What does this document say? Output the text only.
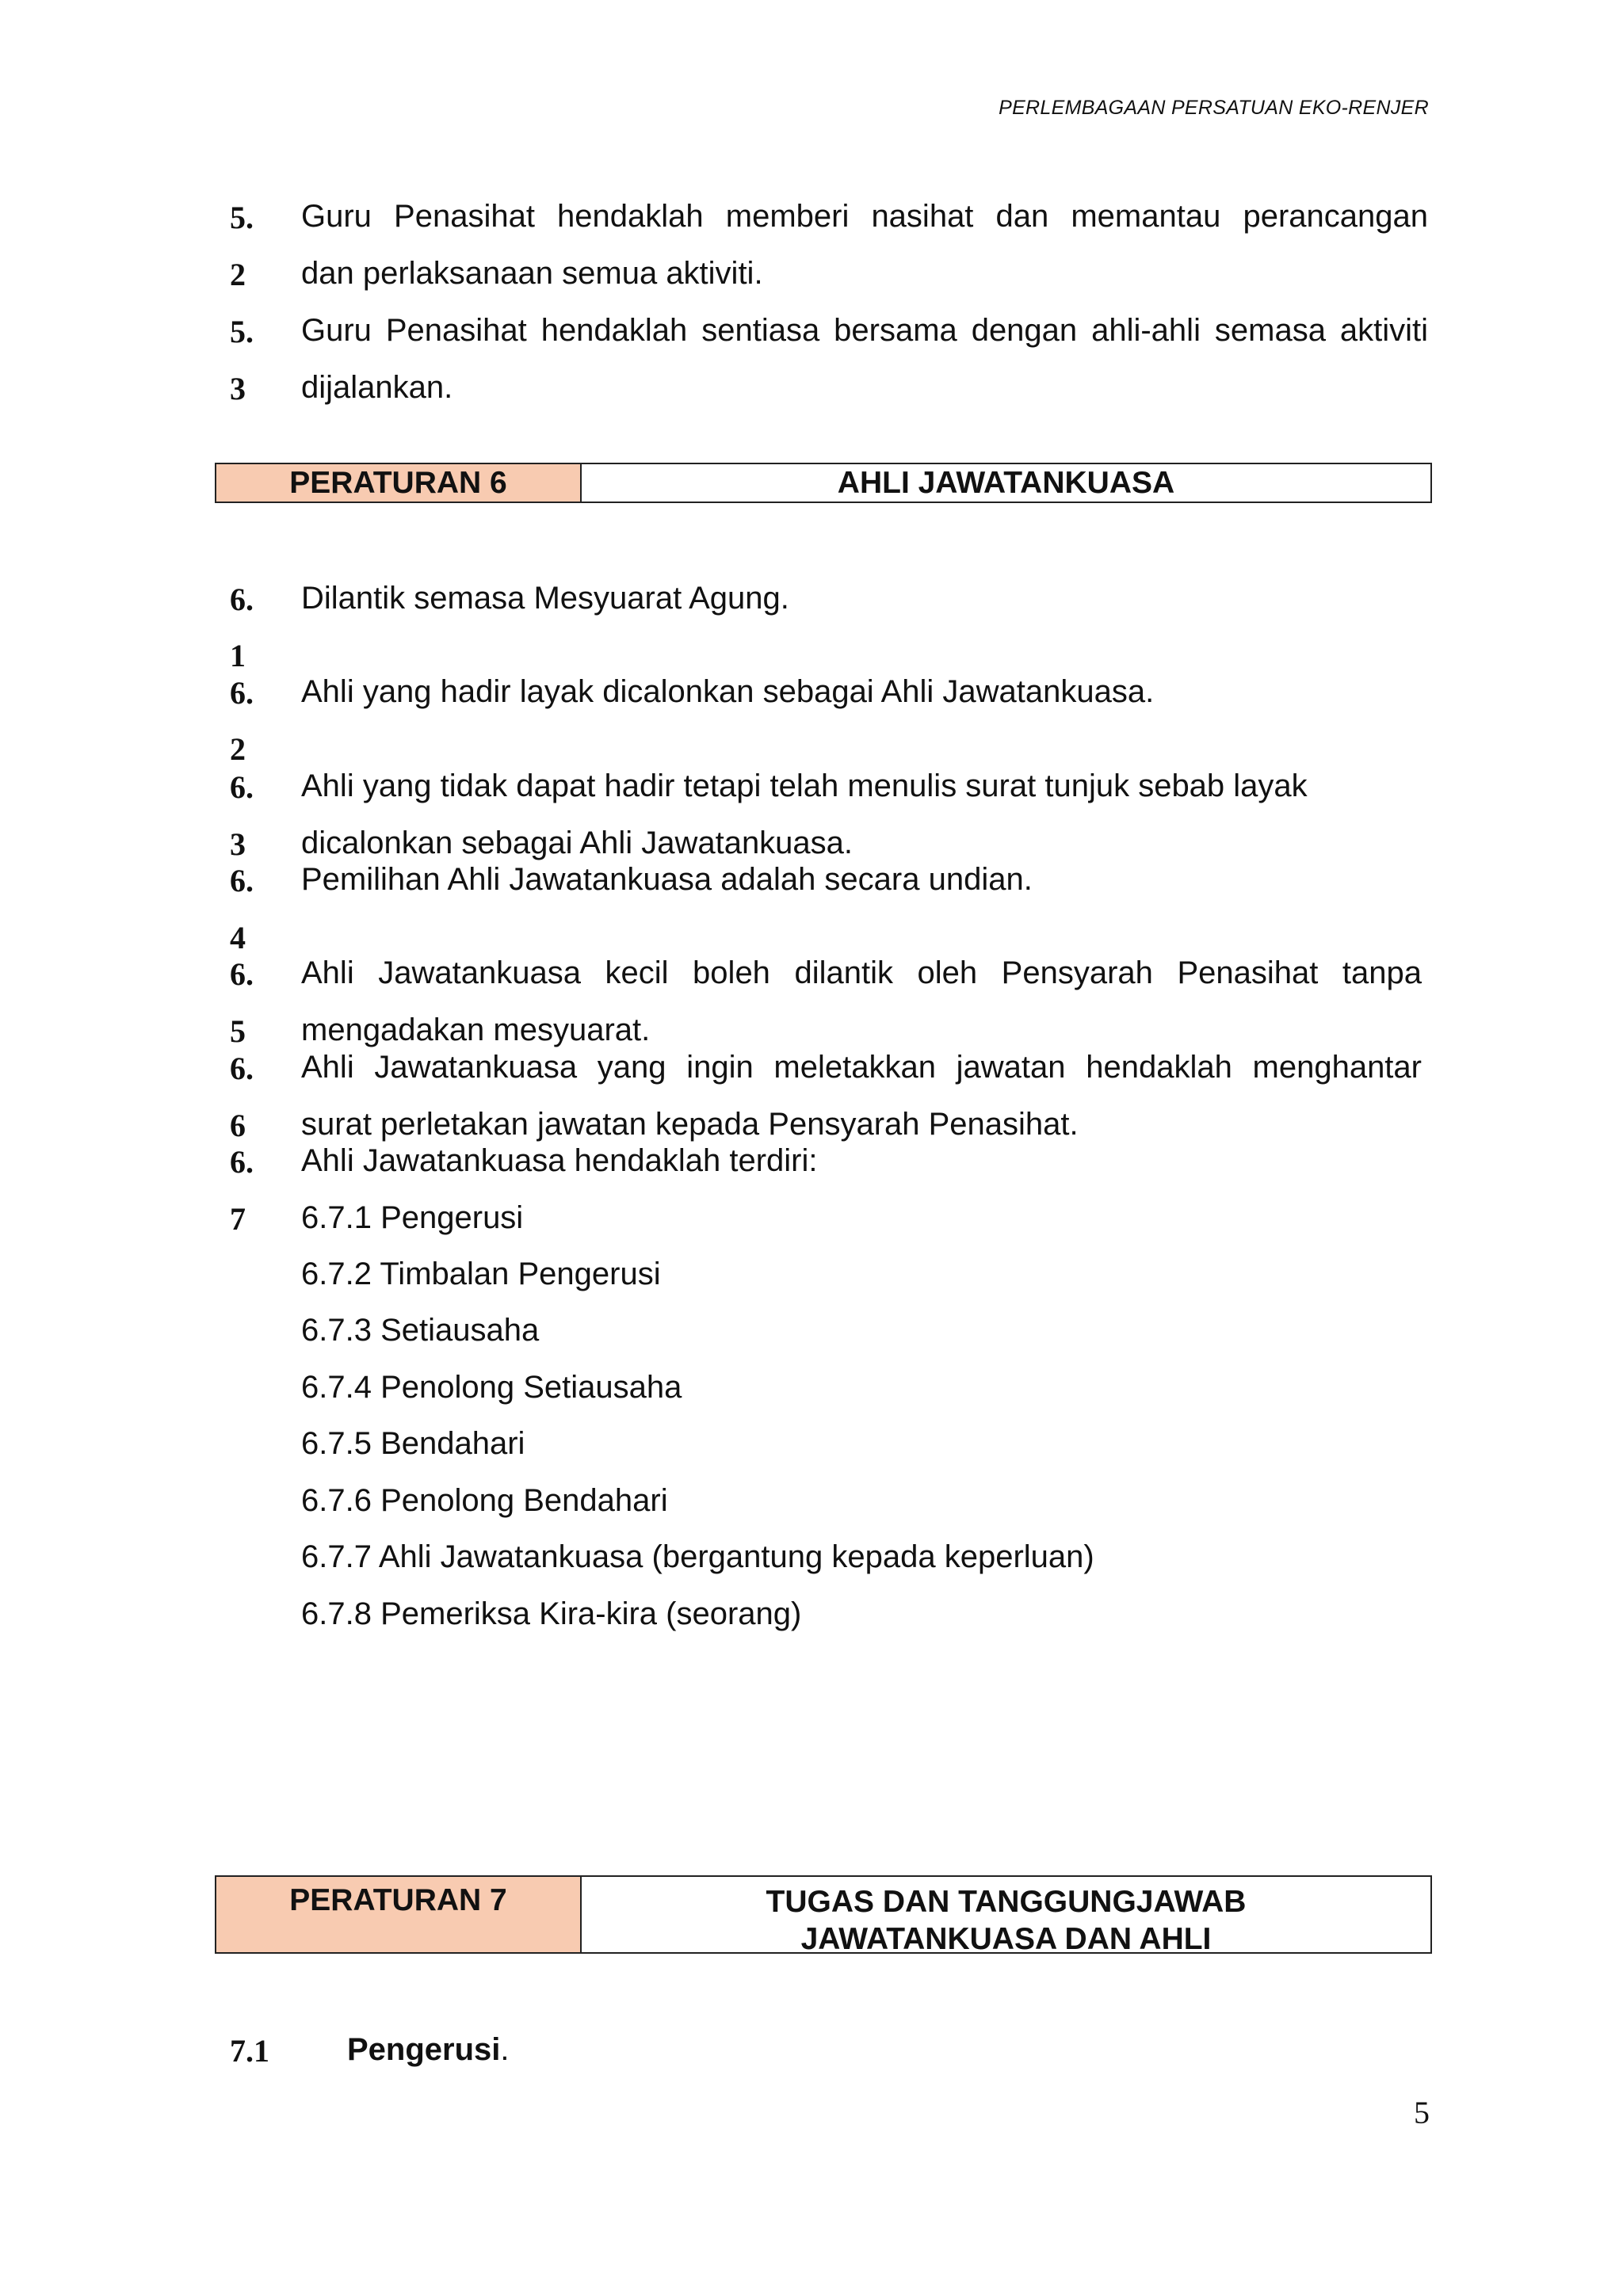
PERLEMBAGAAN PERSATUAN EKO-RENJER
5. Guru Penasihat hendaklah memberi nasihat dan memantau perancangan
2 dan perlaksanaan semua aktiviti.
5. Guru Penasihat hendaklah sentiasa bersama dengan ahli-ahli semasa aktiviti
3 dijalankan.
PERATURAN 6	AHLI JAWATANKUASA
6. Dilantik semasa Mesyuarat Agung.
1
6. Ahli yang hadir layak dicalonkan sebagai Ahli Jawatankuasa.
2
6. Ahli yang tidak dapat hadir tetapi telah menulis surat tunjuk sebab layak
3 dicalonkan sebagai Ahli Jawatankuasa.
6. Pemilihan Ahli Jawatankuasa adalah secara undian.
4
6. Ahli Jawatankuasa kecil boleh dilantik oleh Pensyarah Penasihat tanpa
5 mengadakan mesyuarat.
6. Ahli Jawatankuasa yang ingin meletakkan jawatan hendaklah menghantar
6 surat perletakan jawatan kepada Pensyarah Penasihat.
6. Ahli Jawatankuasa hendaklah terdiri:
7 6.7.1 Pengerusi
6.7.2 Timbalan Pengerusi
6.7.3 Setiausaha
6.7.4 Penolong Setiausaha
6.7.5 Bendahari
6.7.6 Penolong Bendahari
6.7.7 Ahli Jawatankuasa (bergantung kepada keperluan)
6.7.8 Pemeriksa Kira-kira (seorang)
PERATURAN 7	TUGAS DAN TANGGUNGJAWAB
JAWATANKUASA DAN AHLI
7.1 Pengerusi.
5
